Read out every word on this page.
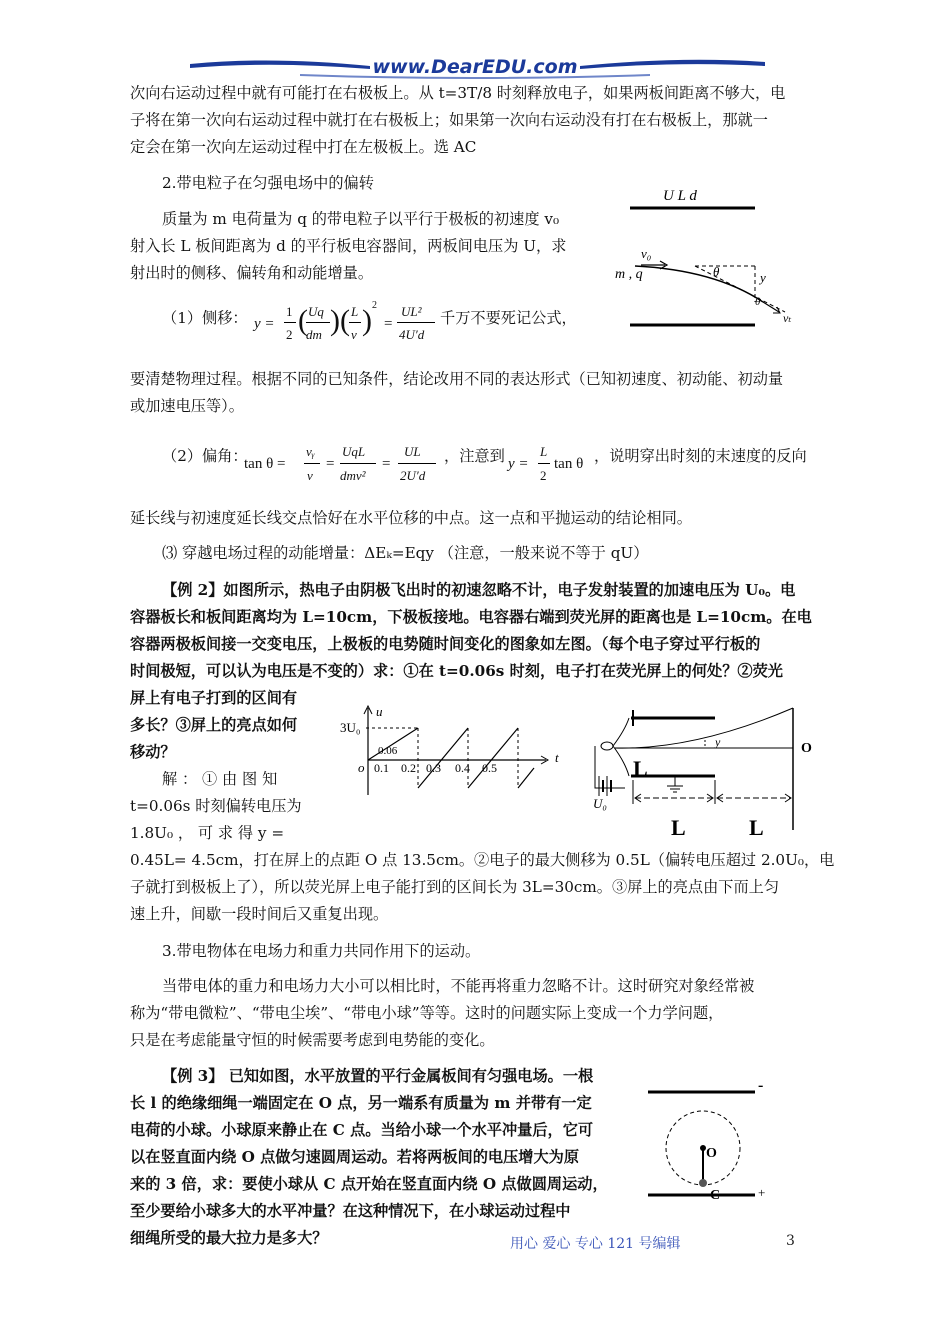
www.DearEDU.com

次向右运动过程中就有可能打在右极板上。从 t=3T/8 时刻释放电子，如果两板间距离不够大，电

子将在第一次向右运动过程中就打在右极板上；如果第一次向右运动没有打在右极板上，那就一

定会在第一次向左运动过程中打在左极板上。选 AC

2.带电粒子在匀强电场中的偏转

质量为 m 电荷量为 q 的带电粒子以平行于极板的初速度 v₀

射入长 L 板间距离为 d 的平行板电容器间，两板间电压为 U，求

射出时的侧移、偏转角和动能增量。

U L d
v₀
m , q	θ	y
θ
vₜ

（1）侧移： y =
1
2 ( Uq
dm ) ( L
v ) 2
=
UL²
4U′d

千万不要死记公式，

要清楚物理过程。根据不同的已知条件，结论改用不同的表达形式（已知初速度、初动能、初动量

或加速电压等）。

（2）偏角：

tan θ =
vᵧ
v
=
UqL
dmv²
=
UL
2U′d

，注意到 y =
L
2
tan θ ，说明穿出时刻的末速度的反向

延长线与初速度延长线交点恰好在水平位移的中点。这一点和平抛运动的结论相同。

⑶ 穿越电场过程的动能增量：ΔEₖ=Eqy （注意，一般来说不等于 qU）

【例 2】如图所示，热电子由阴极飞出时的初速忽略不计，电子发射装置的加速电压为 U₀。电

容器板长和板间距离均为 L=10cm，下极板接地。电容器右端到荧光屏的距离也是 L=10cm。在电

容器两极板间接一交变电压，上极板的电势随时间变化的图象如左图。（每个电子穿过平行板的

时间极短，可以认为电压是不变的）求：①在 t=0.06s 时刻，电子打在荧光屏上的何处？②荧光

屏上有电子打到的区间有

多长？③屏上的亮点如何

移动？

u
3U₀
o
t
0.06
0.1 0.2 0.3 0.4 0.5
y	O
U₀
L
L	L

解 ： ① 由 图 知

t=0.06s 时刻偏转电压为

1.8U₀ ， 可 求 得 y =

0.45L= 4.5cm，打在屏上的点距 O 点 13.5cm。②电子的最大侧移为 0.5L（偏转电压超过 2.0U₀，电

子就打到极板上了），所以荧光屏上电子能打到的区间长为 3L=30cm。③屏上的亮点由下而上匀

速上升，间歇一段时间后又重复出现。

3.带电物体在电场力和重力共同作用下的运动。

当带电体的重力和电场力大小可以相比时，不能再将重力忽略不计。这时研究对象经常被

称为“带电微粒”、“带电尘埃”、“带电小球”等等。这时的问题实际上变成一个力学问题，

只是在考虑能量守恒的时候需要考虑到电势能的变化。

【例 3】 已知如图，水平放置的平行金属板间有匀强电场。一根

长 l 的绝缘细绳一端固定在 O 点，另一端系有质量为 m 并带有一定

电荷的小球。小球原来静止在 C 点。当给小球一个水平冲量后，它可

以在竖直面内绕 O 点做匀速圆周运动。若将两板间的电压增大为原

来的 3 倍，求：要使小球从 C 点开始在竖直面内绕 O 点做圆周运动，

至少要给小球多大的水平冲量？在这种情况下，在小球运动过程中

细绳所受的最大拉力是多大？

-
+
O
C
用心 爱心 专心 121 号编辑	3
